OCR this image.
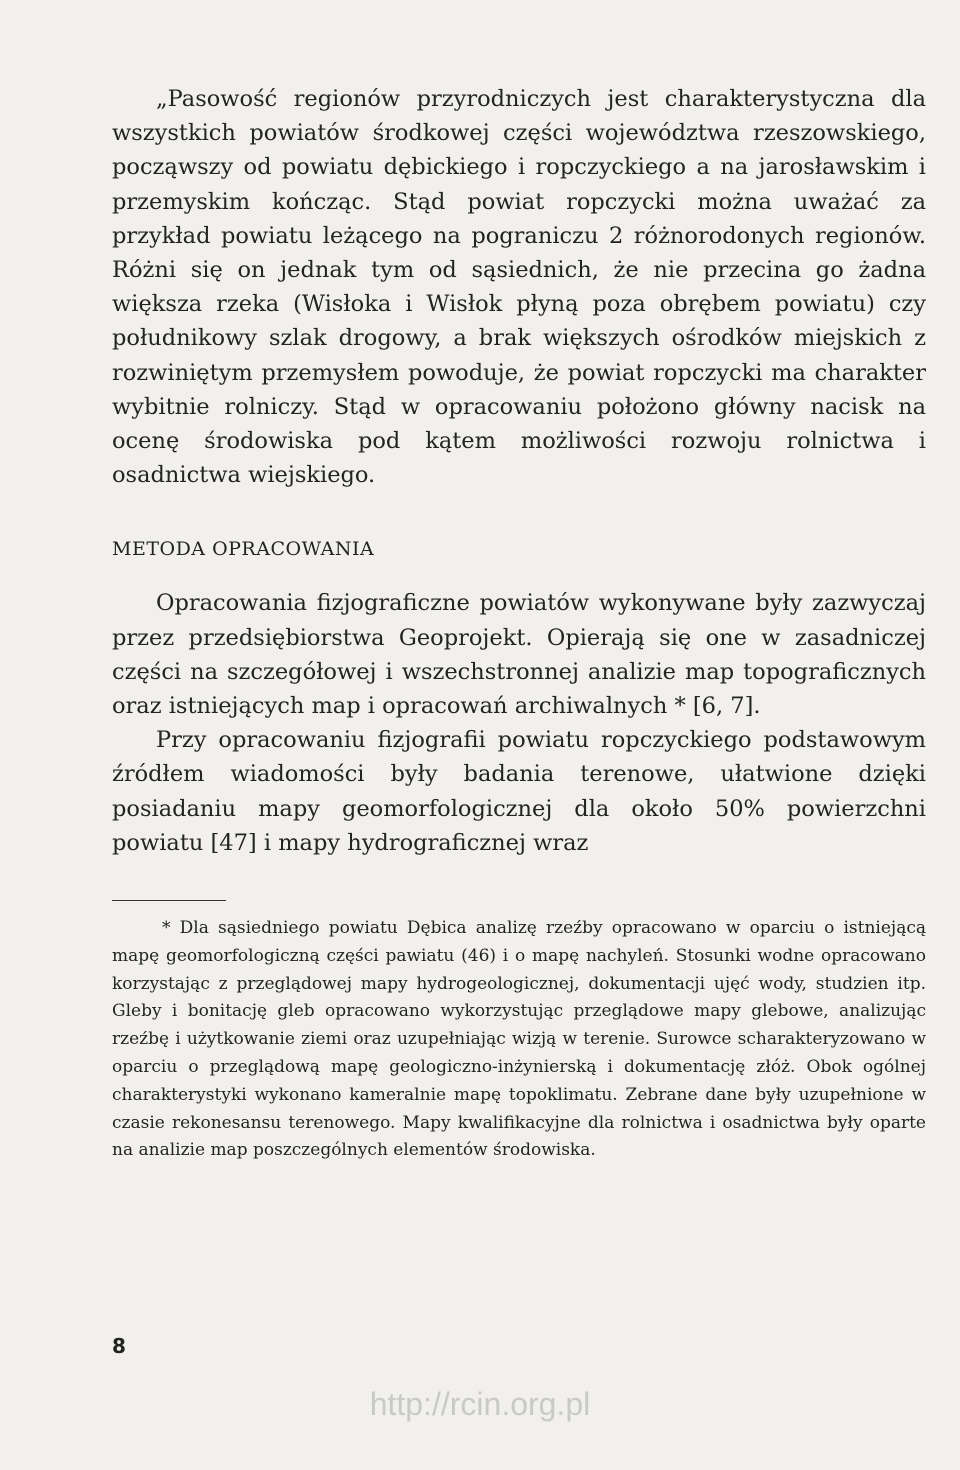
„Pasowość regionów przyrodniczych jest charakterystyczna dla wszystkich powiatów środkowej części województwa rzeszowskiego, począwszy od powiatu dębickiego i ropczyckiego a na jarosławskim i przemyskim kończąc. Stąd powiat ropczycki można uważać za przykład powiatu leżącego na pograniczu 2 różnorodonych regionów. Różni się on jednak tym od sąsiednich, że nie przecina go żadna większa rzeka (Wisłoka i Wisłok płyną poza obrębem powiatu) czy południkowy szlak drogowy, a brak większych ośrodków miejskich z rozwiniętym przemysłem powoduje, że powiat ropczycki ma charakter wybitnie rolniczy. Stąd w opracowaniu położono główny nacisk na ocenę środowiska pod kątem możliwości rozwoju rolnictwa i osadnictwa wiejskiego.

METODA OPRACOWANIA

Opracowania fizjograficzne powiatów wykonywane były zazwyczaj przez przedsiębiorstwa Geoprojekt. Opierają się one w zasadniczej części na szczegółowej i wszechstronnej analizie map topograficznych oraz istniejących map i opracowań archiwalnych * [6, 7].

Przy opracowaniu fizjografii powiatu ropczyckiego podstawowym źródłem wiadomości były badania terenowe, ułatwione dzięki posiadaniu mapy geomorfologicznej dla około 50% powierzchni powiatu [47] i mapy hydrograficznej wraz

* Dla sąsiedniego powiatu Dębica analizę rzeźby opracowano w oparciu o istniejącą mapę geomorfologiczną części pawiatu (46) i o mapę nachyleń. Stosunki wodne opracowano korzystając z przeglądowej mapy hydrogeologicznej, dokumentacji ujęć wody, studzien itp. Gleby i bonitację gleb opracowano wykorzystując przeglądowe mapy glebowe, analizując rzeźbę i użytkowanie ziemi oraz uzupełniając wizją w terenie. Surowce scharakteryzowano w oparciu o przeglądową mapę geologiczno-inżynierską i dokumentację złóż. Obok ogólnej charakterystyki wykonano kameralnie mapę topoklimatu. Zebrane dane były uzupełnione w czasie rekonesansu terenowego. Mapy kwalifikacyjne dla rolnictwa i osadnictwa były oparte na analizie map poszczególnych elementów środowiska.

8
http://rcin.org.pl
